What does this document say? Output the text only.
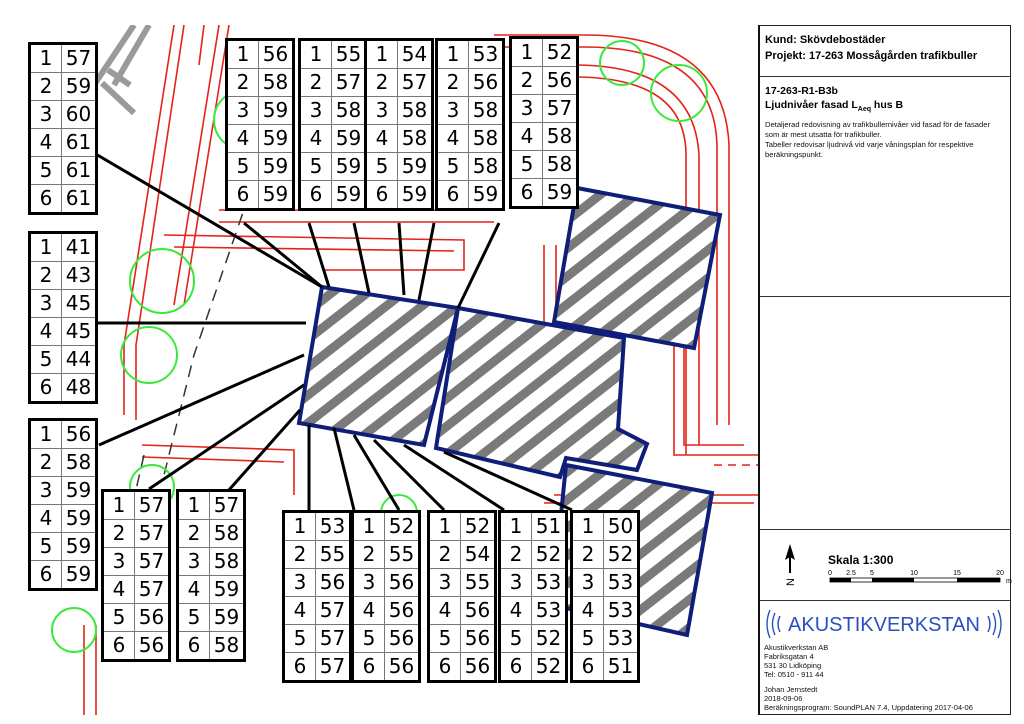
1	57
2	59
3	60
4	61
5	61
6	61
1	41
2	43
3	45
4	45
5	44
6	48
1	56
2	58
3	59
4	59
5	59
6	59
1	56
2	58
3	59
4	59
5	59
6	59
1	55
2	57
3	58
4	59
5	59
6	59
1	54
2	57
3	58
4	58
5	59
6	59
1	53
2	56
3	58
4	58
5	58
6	59
1	52
2	56
3	57
4	58
5	58
6	59
1	57
2	57
3	57
4	57
5	56
6	56
1	57
2	58
3	58
4	59
5	59
6	58
1	53
2	55
3	56
4	57
5	57
6	57
1	52
2	55
3	56
4	56
5	56
6	56
1	52
2	54
3	55
4	56
5	56
6	56
1	51
2	52
3	53
4	53
5	52
6	52
1	50
2	52
3	53
4	53
5	53
6	51
Kund: Skövdebostäder
Projekt: 17-263 Mossågården trafikbuller
17-263-R1-B3b
Ljudnivåer fasad $L_{Aeq}$ hus B

Detaljerad redovisning av trafikbullernivåer vid fasad för de fasader som är mest utsatta för trafikbuller.
Tabeller redovisar ljudnivå vid varje våningsplan för respektive beräkningspunkt.

N
Skala 1:300
0 2.5 5	10	15	20
m
AKUSTIKVERKSTAN
Akustikverkstan AB
Fabriksgatan 4
531 30 Lidköping
Tel: 0510 - 911 44
Johan Jernstedt
2018-09-06
Beräkningsprogram: SoundPLAN 7.4, Uppdatering 2017-04-06
